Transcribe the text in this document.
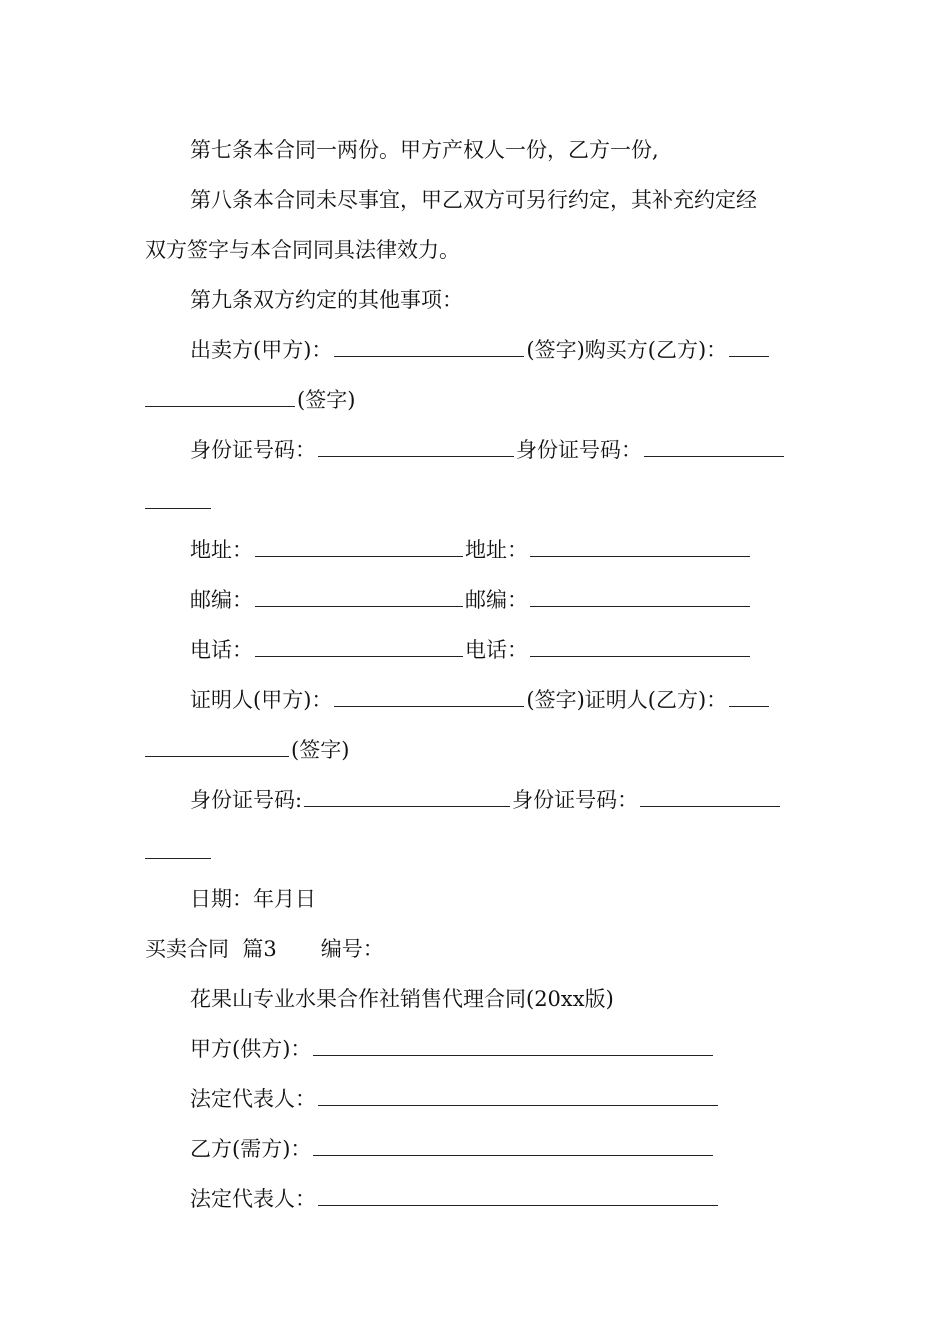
第七条本合同一两份。甲方产权人一份，乙方一份,
第八条本合同未尽事宜，甲乙双方可另行约定，其补充约定经
双方签字与本合同同具法律效力。
第九条双方约定的其他事项：
出卖方(甲方)：	(签字)购买方(乙方)：
(签字)
身份证号码：	身份证号码：
地址：	地址：
邮编：	邮编：
电话：	电话：
证明人(甲方)：	(签字)证明人(乙方)：
(签字)
身份证号码:	身份证号码：
日期：年月日
买卖合同  篇3 编号：
花果山专业水果合作社销售代理合同(20xx版)
甲方(供方)：
法定代表人：
乙方(需方)：
法定代表人：
